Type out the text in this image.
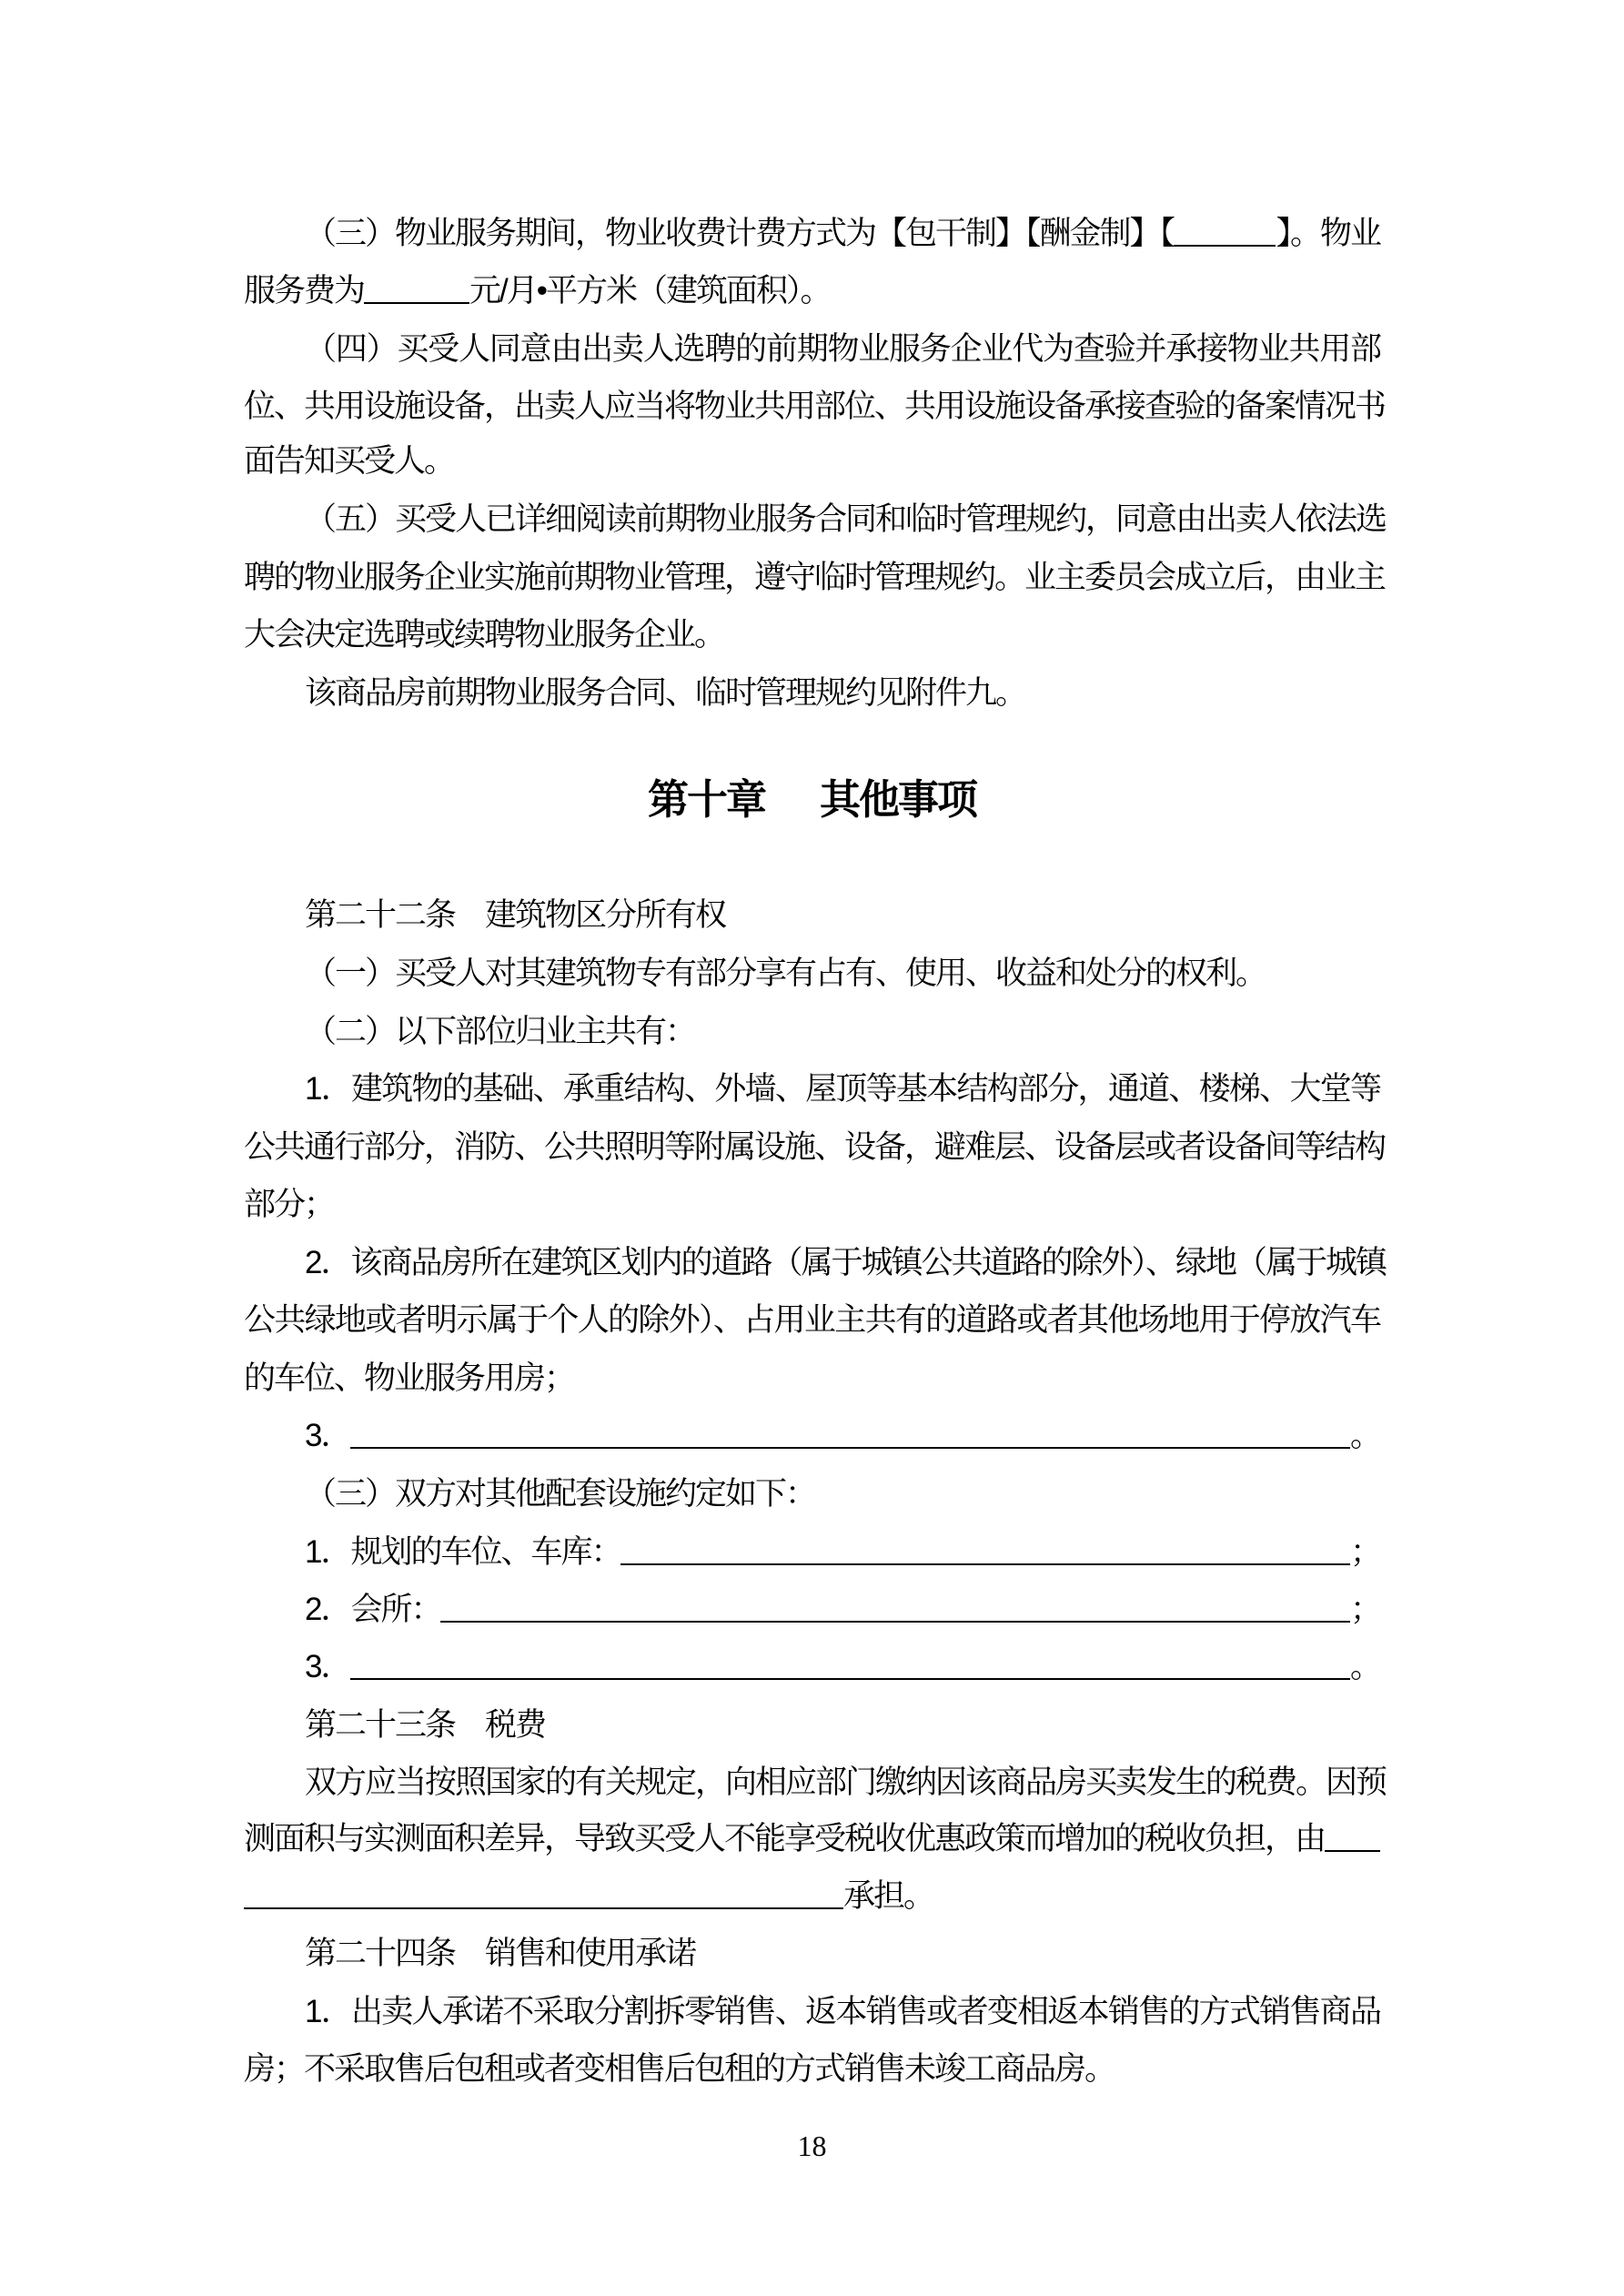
第十章 其他事项
18
（三）物业服务期间，物业收费计费方式为【包干制】【酬金制】【	】。物业
服务费为	元/月•平方米（建筑面积）。
（四）买受人同意由出卖人选聘的前期物业服务企业代为查验并承接物业共用部
位、共用设施设备，出卖人应当将物业共用部位、共用设施设备承接查验的备案情况书
面告知买受人。
（五）买受人已详细阅读前期物业服务合同和临时管理规约，同意由出卖人依法选
聘的物业服务企业实施前期物业管理，遵守临时管理规约。业主委员会成立后，由业主
大会决定选聘或续聘物业服务企业。
该商品房前期物业服务合同、临时管理规约见附件九。
第二十二条　建筑物区分所有权
（一）买受人对其建筑物专有部分享有占有、使用、收益和处分的权利。
（二）以下部位归业主共有：
1．建筑物的基础、承重结构、外墙、屋顶等基本结构部分，通道、楼梯、大堂等
公共通行部分，消防、公共照明等附属设施、设备，避难层、设备层或者设备间等结构
部分；
2．该商品房所在建筑区划内的道路（属于城镇公共道路的除外）、绿地（属于城镇
公共绿地或者明示属于个人的除外）、占用业主共有的道路或者其他场地用于停放汽车
的车位、物业服务用房；
3．	。
（三）双方对其他配套设施约定如下：
1．规划的车位、车库：	；
2．会所：	；
3．	。
第二十三条　税费
双方应当按照国家的有关规定，向相应部门缴纳因该商品房买卖发生的税费。因预
测面积与实测面积差异，导致买受人不能享受税收优惠政策而增加的税收负担，由
承担。
第二十四条　销售和使用承诺
1．出卖人承诺不采取分割拆零销售、返本销售或者变相返本销售的方式销售商品
房；不采取售后包租或者变相售后包租的方式销售未竣工商品房。
